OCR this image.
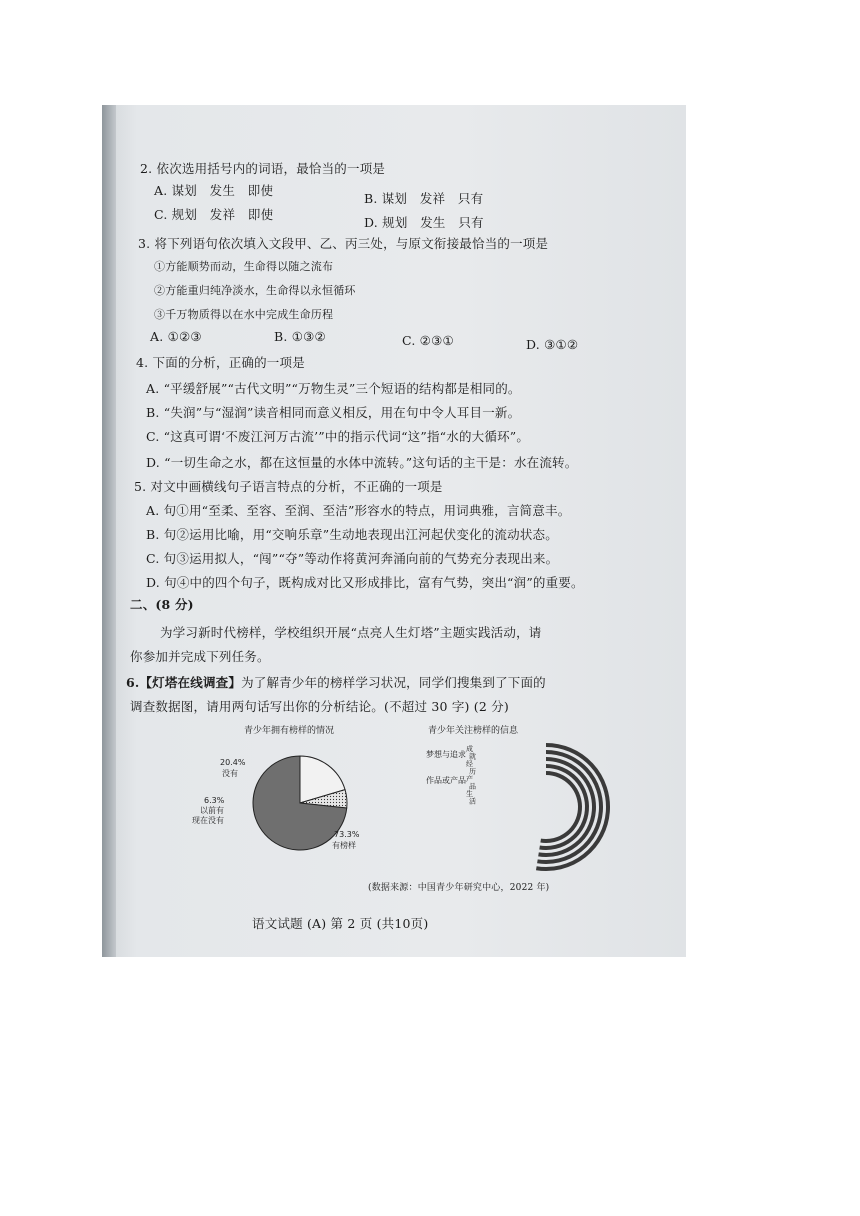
2. 依次选用括号内的词语，最恰当的一项是
A. 谋划　发生　即使
B. 谋划　发祥　只有
C. 规划　发祥　即使
D. 规划　发生　只有
3. 将下列语句依次填入文段甲、乙、丙三处，与原文衔接最恰当的一项是
①方能顺势而动，生命得以随之流布
②方能重归纯净淡水，生命得以永恒循环
③千万物质得以在水中完成生命历程
A. ①②③	B. ①③②	C. ②③①	D. ③①②
4. 下面的分析，正确的一项是
A. “平缓舒展”“古代文明”“万物生灵”三个短语的结构都是相同的。
B. “失润”与“湿润”读音相同而意义相反，用在句中令人耳目一新。
C. “这真可谓‘不废江河万古流’”中的指示代词“这”指“水的大循环”。
D. “一切生命之水，都在这恒量的水体中流转。”这句话的主干是：水在流转。
5. 对文中画横线句子语言特点的分析，不正确的一项是
A. 句①用“至柔、至容、至润、至洁”形容水的特点，用词典雅，言简意丰。
B. 句②运用比喻，用“交响乐章”生动地表现出江河起伏变化的流动状态。
C. 句③运用拟人，“闯”“夺”等动作将黄河奔涌向前的气势充分表现出来。
D. 句④中的四个句子，既构成对比又形成排比，富有气势，突出“润”的重要。
二、(8 分)
为学习新时代榜样，学校组织开展“点亮人生灯塔”主题实践活动，请
你参加并完成下列任务。
6.【灯塔在线调查】为了解青少年的榜样学习状况，同学们搜集到了下面的
调查数据图，请用两句话写出你的分析结论。(不超过 30 字) (2 分)
青少年拥有榜样的情况
20.4%
没有
6.3%
以前有
现在没有
73.3%
有榜样
青少年关注榜样的信息
梦想与追求
作品或产品
成
就
经
历
产
品
生
活
(数据来源：中国青少年研究中心，2022 年)
语文试题 (A) 第 2 页 (共10页)
